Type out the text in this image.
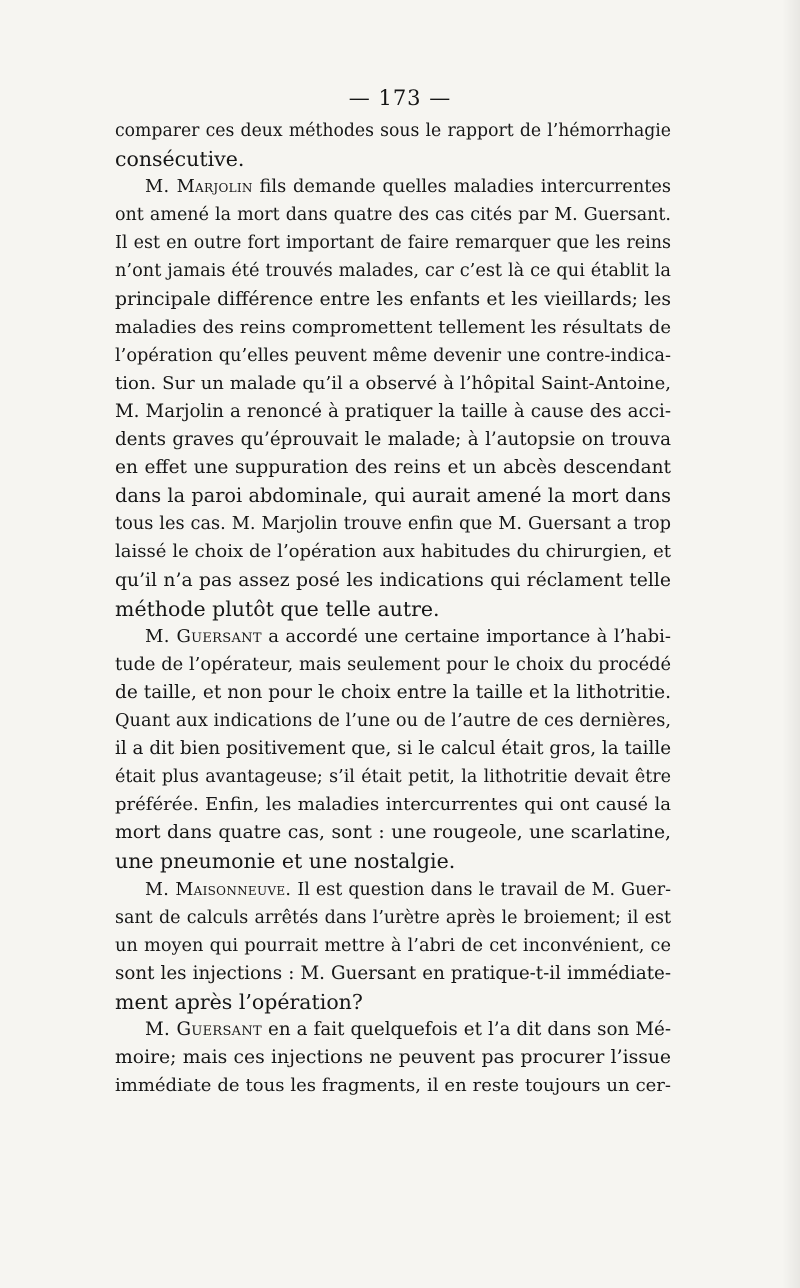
— 173 —
comparer ces deux méthodes sous le rapport de l’hémorrhagie
consécutive.
M. Marjolin fils demande quelles maladies intercurrentes
ont amené la mort dans quatre des cas cités par M. Guersant.
Il est en outre fort important de faire remarquer que les reins
n’ont jamais été trouvés malades, car c’est là ce qui établit la
principale différence entre les enfants et les vieillards; les
maladies des reins compromettent tellement les résultats de
l’opération qu’elles peuvent même devenir une contre-indica-
tion. Sur un malade qu’il a observé à l’hôpital Saint-Antoine,
M. Marjolin a renoncé à pratiquer la taille à cause des acci-
dents graves qu’éprouvait le malade; à l’autopsie on trouva
en effet une suppuration des reins et un abcès descendant
dans la paroi abdominale, qui aurait amené la mort dans
tous les cas. M. Marjolin trouve enfin que M. Guersant a trop
laissé le choix de l’opération aux habitudes du chirurgien, et
qu’il n’a pas assez posé les indications qui réclament telle
méthode plutôt que telle autre.
M. Guersant a accordé une certaine importance à l’habi-
tude de l’opérateur, mais seulement pour le choix du procédé
de taille, et non pour le choix entre la taille et la lithotritie.
Quant aux indications de l’une ou de l’autre de ces dernières,
il a dit bien positivement que, si le calcul était gros, la taille
était plus avantageuse; s’il était petit, la lithotritie devait être
préférée. Enfin, les maladies intercurrentes qui ont causé la
mort dans quatre cas, sont : une rougeole, une scarlatine,
une pneumonie et une nostalgie.
M. Maisonneuve. Il est question dans le travail de M. Guer-
sant de calculs arrêtés dans l’urètre après le broiement; il est
un moyen qui pourrait mettre à l’abri de cet inconvénient, ce
sont les injections : M. Guersant en pratique-t-il immédiate-
ment après l’opération?
M. Guersant en a fait quelquefois et l’a dit dans son Mé-
moire; mais ces injections ne peuvent pas procurer l’issue
immédiate de tous les fragments, il en reste toujours un cer-
